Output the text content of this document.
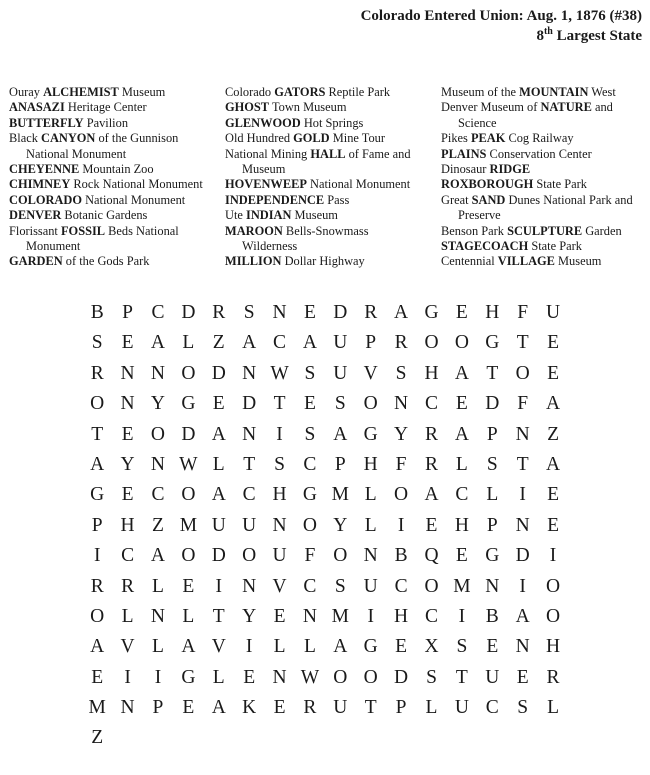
Colorado Entered Union: Aug. 1, 1876 (#38)
8th Largest State
Ouray ALCHEMIST Museum
ANASAZI Heritage Center
BUTTERFLY Pavilion
Black CANYON of the Gunnison
National Monument
CHEYENNE Mountain Zoo
CHIMNEY Rock National Monument
COLORADO National Monument
DENVER Botanic Gardens
Florissant FOSSIL Beds National
Monument
GARDEN of the Gods Park
Colorado GATORS Reptile Park
GHOST Town Museum
GLENWOOD Hot Springs
Old Hundred GOLD Mine Tour
National Mining HALL of Fame and
Museum
HOVENWEEP National Monument
INDEPENDENCE Pass
Ute INDIAN Museum
MAROON Bells-Snowmass
Wilderness
MILLION Dollar Highway
Museum of the MOUNTAIN West
Denver Museum of NATURE and
Science
Pikes PEAK Cog Railway
PLAINS Conservation Center
Dinosaur RIDGE
ROXBOROUGH State Park
Great SAND Dunes National Park and
Preserve
Benson Park SCULPTURE Garden
STAGECOACH State Park
Centennial VILLAGE Museum
B P C D R S N E D R A G E H F U
S E A L Z A C A U P R O O G T E
R N N O D N W S U V S H A T O E
O N Y G E D T E S O N C E D F A
T E O D A N	I	S A G Y R A P N Z
A Y N W L T S C P H F R L S T A
G E C O A C H G M L O A C L	I	E
P H Z M U U N O Y L	I	E H P N E
I	C A O D O U F O N B Q E G D	I
R R L E	I	N V C S U C O M N	I	O
O L N L T Y E N M I	H C	I	B A O
A V L A V	I	L L A G E X S E N H
E	I	I	G L E N W O O D S T U E R
M N P E A K E R U T P L U C S L
Z
